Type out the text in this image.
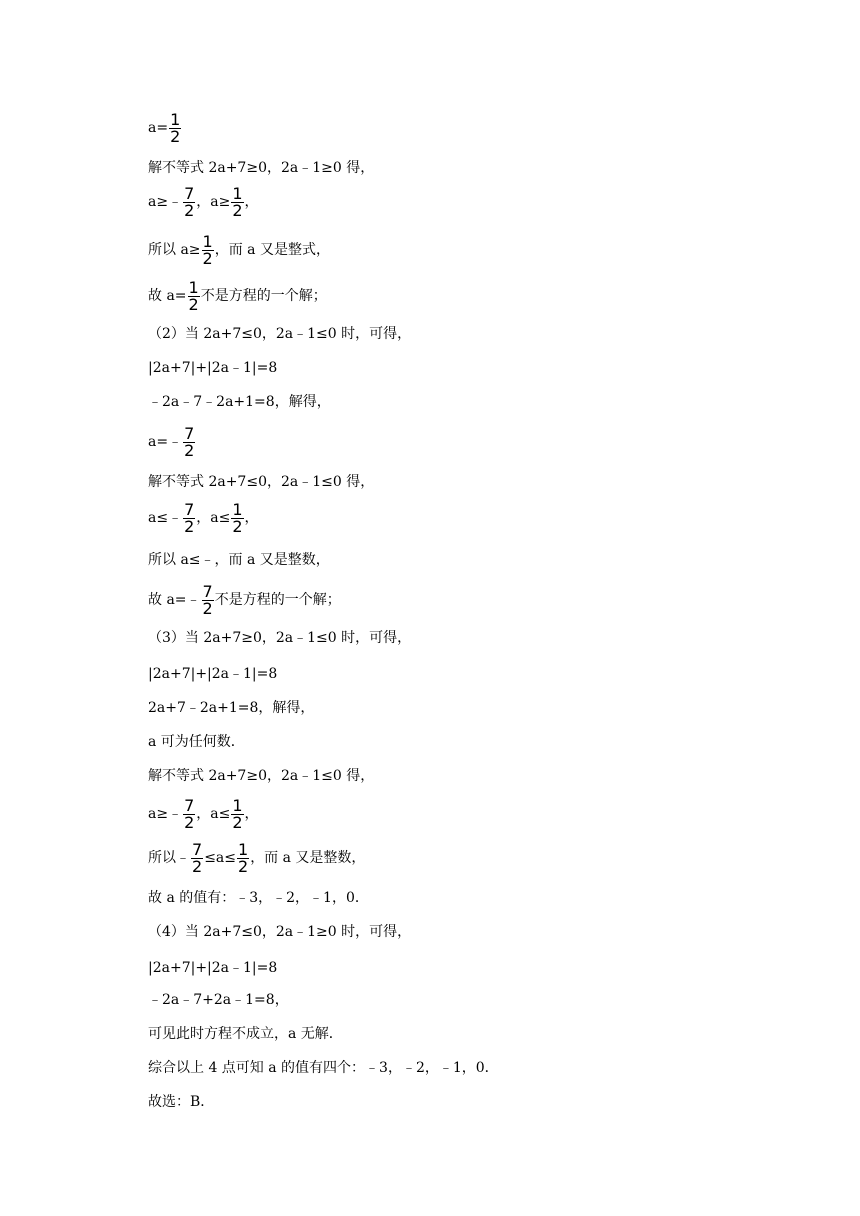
$a= \frac{1}{2}$
解不等式 2a+7≥0，2a﹣1≥0 得，
a≥﹣ $\frac{7}{2}$ ，$a\ge \frac{1}{2}$ ，
所以 $a\ge \frac{1}{2}$ ，而 a 又是整式，
故 $a= \frac{1}{2}$ 不是方程的一个解；
（2）当 2a+7≤0，2a﹣1≤0 时，可得，
|2a+7|+|2a﹣1|=8
﹣2a﹣7﹣2a+1=8，解得，
a=﹣ $\frac{7}{2}$
解不等式 2a+7≤0，2a﹣1≤0 得，
a≤﹣ $\frac{7}{2}$ ，$a\le \frac{1}{2}$ ，
所以 a≤﹣，而 a 又是整数，
故 a=﹣ $\frac{7}{2}$ 不是方程的一个解；
（3）当 2a+7≥0，2a﹣1≤0 时，可得，
|2a+7|+|2a﹣1|=8
2a+7﹣2a+1=8，解得，
a 可为任何数．
解不等式 2a+7≥0，2a﹣1≤0 得，
a≥﹣ $\frac{7}{2}$ ，$a\le \frac{1}{2}$ ，
所以﹣ $\frac{7}{2} \le a\le \frac{1}{2}$ ，而 a 又是整数，
故 a 的值有：﹣3，﹣2，﹣1，0．
（4）当 2a+7≤0，2a﹣1≥0 时，可得，
|2a+7|+|2a﹣1|=8
﹣2a﹣7+2a﹣1=8，
可见此时方程不成立，a 无解．
综合以上 4 点可知 a 的值有四个：﹣3，﹣2，﹣1，0．
故选：B．
